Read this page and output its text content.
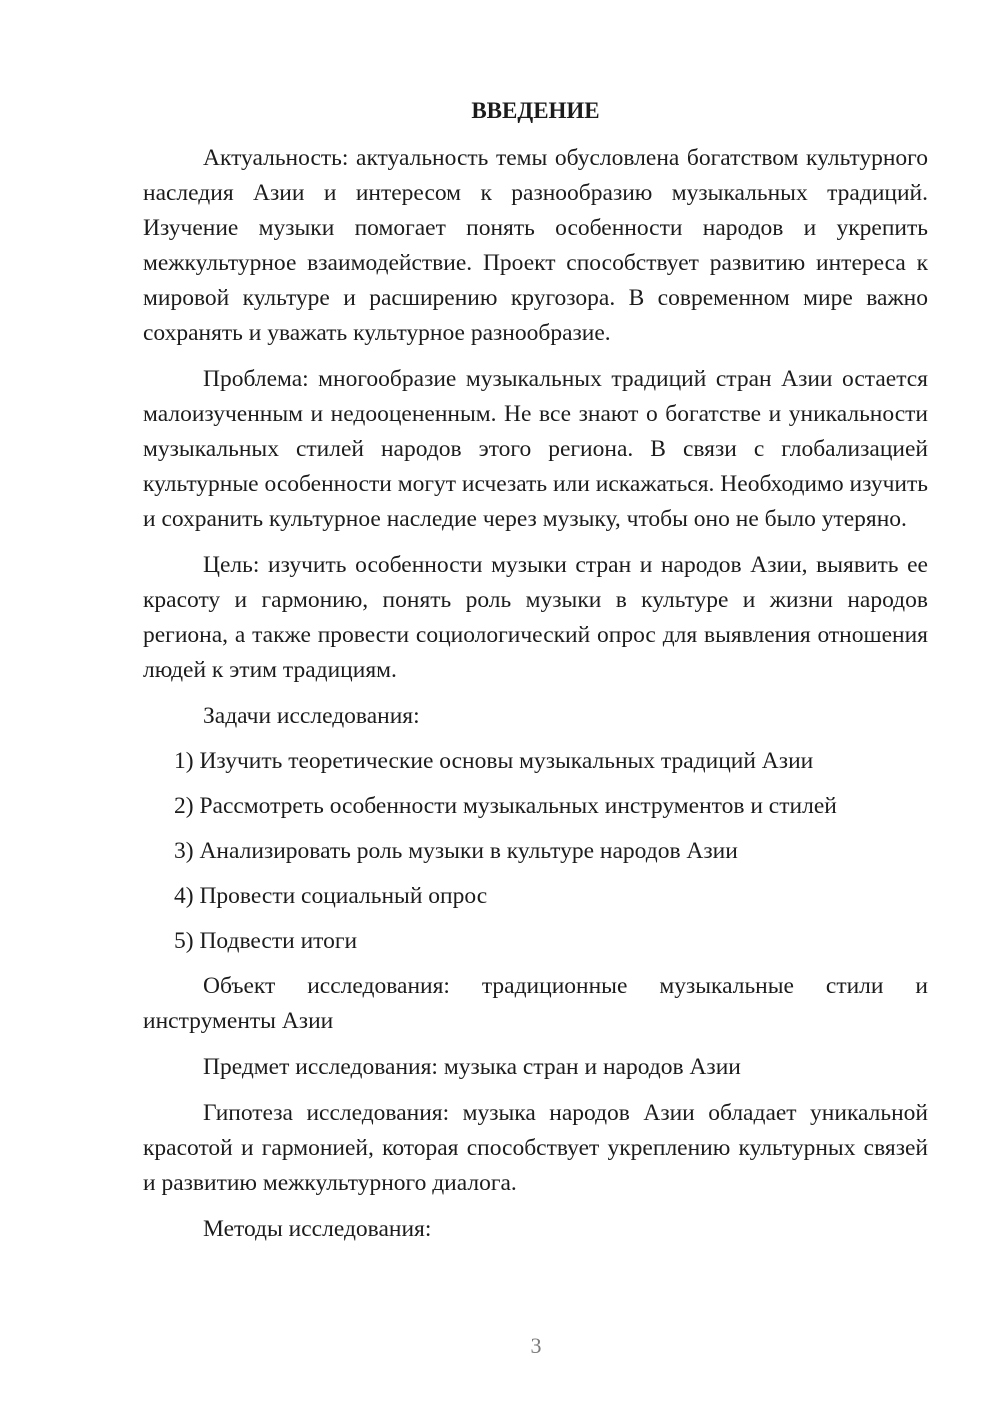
ВВЕДЕНИЕ

Актуальность: актуальность темы обусловлена богатством культурного наследия Азии и интересом к разнообразию музыкальных традиций. Изучение музыки помогает понять особенности народов и укрепить межкультурное взаимодействие. Проект способствует развитию интереса к мировой культуре и расширению кругозора. В современном мире важно сохранять и уважать культурное разнообразие.

Проблема: многообразие музыкальных традиций стран Азии остается малоизученным и недооцененным. Не все знают о богатстве и уникальности музыкальных стилей народов этого региона. В связи с глобализацией культурные особенности могут исчезать или искажаться. Необходимо изучить и сохранить культурное наследие через музыку, чтобы оно не было утеряно.

Цель: изучить особенности музыки стран и народов Азии, выявить ее красоту и гармонию, понять роль музыки в культуре и жизни народов региона, а также провести социологический опрос для выявления отношения людей к этим традициям.

Задачи исследования:

1) Изучить теоретические основы музыкальных традиций Азии
2) Рассмотреть особенности музыкальных инструментов и стилей
3) Анализировать роль музыки в культуре народов Азии
4) Провести социальный опрос
5) Подвести итоги

Объект исследования: традиционные музыкальные стили и инструменты Азии

Предмет исследования: музыка стран и народов Азии

Гипотеза исследования: музыка народов Азии обладает уникальной красотой и гармонией, которая способствует укреплению культурных связей и развитию межкультурного диалога.

Методы исследования:

3
